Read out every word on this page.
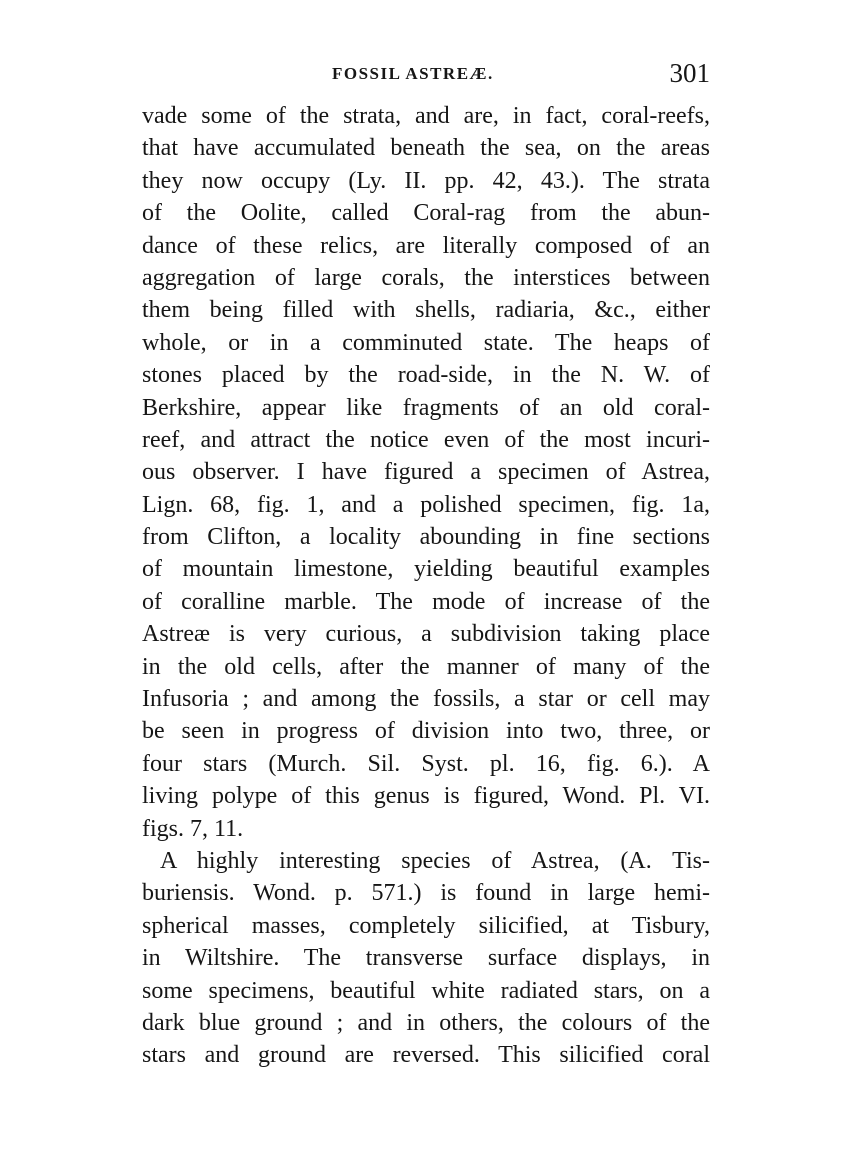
FOSSIL ASTREÆ.	301
vade some of the strata, and are, in fact, coral-reefs,
that have accumulated beneath the sea, on the areas
they now occupy (Ly. II. pp. 42, 43.). The strata
of the Oolite, called Coral-rag from the abun-
dance of these relics, are literally composed of an
aggregation of large corals, the interstices between
them being filled with shells, radiaria, &c., either
whole, or in a comminuted state. The heaps of
stones placed by the road-side, in the N. W. of
Berkshire, appear like fragments of an old coral-
reef, and attract the notice even of the most incuri-
ous observer. I have figured a specimen of Astrea,
Lign. 68, fig. 1, and a polished specimen, fig. 1a,
from Clifton, a locality abounding in fine sections
of mountain limestone, yielding beautiful examples
of coralline marble. The mode of increase of the
Astreæ is very curious, a subdivision taking place
in the old cells, after the manner of many of the
Infusoria ; and among the fossils, a star or cell may
be seen in progress of division into two, three, or
four stars (Murch. Sil. Syst. pl. 16, fig. 6.). A
living polype of this genus is figured, Wond. Pl. VI.
figs. 7, 11.
A highly interesting species of Astrea, (A. Tis-
buriensis. Wond. p. 571.) is found in large hemi-
spherical masses, completely silicified, at Tisbury,
in Wiltshire. The transverse surface displays, in
some specimens, beautiful white radiated stars, on a
dark blue ground ; and in others, the colours of the
stars and ground are reversed. This silicified coral
